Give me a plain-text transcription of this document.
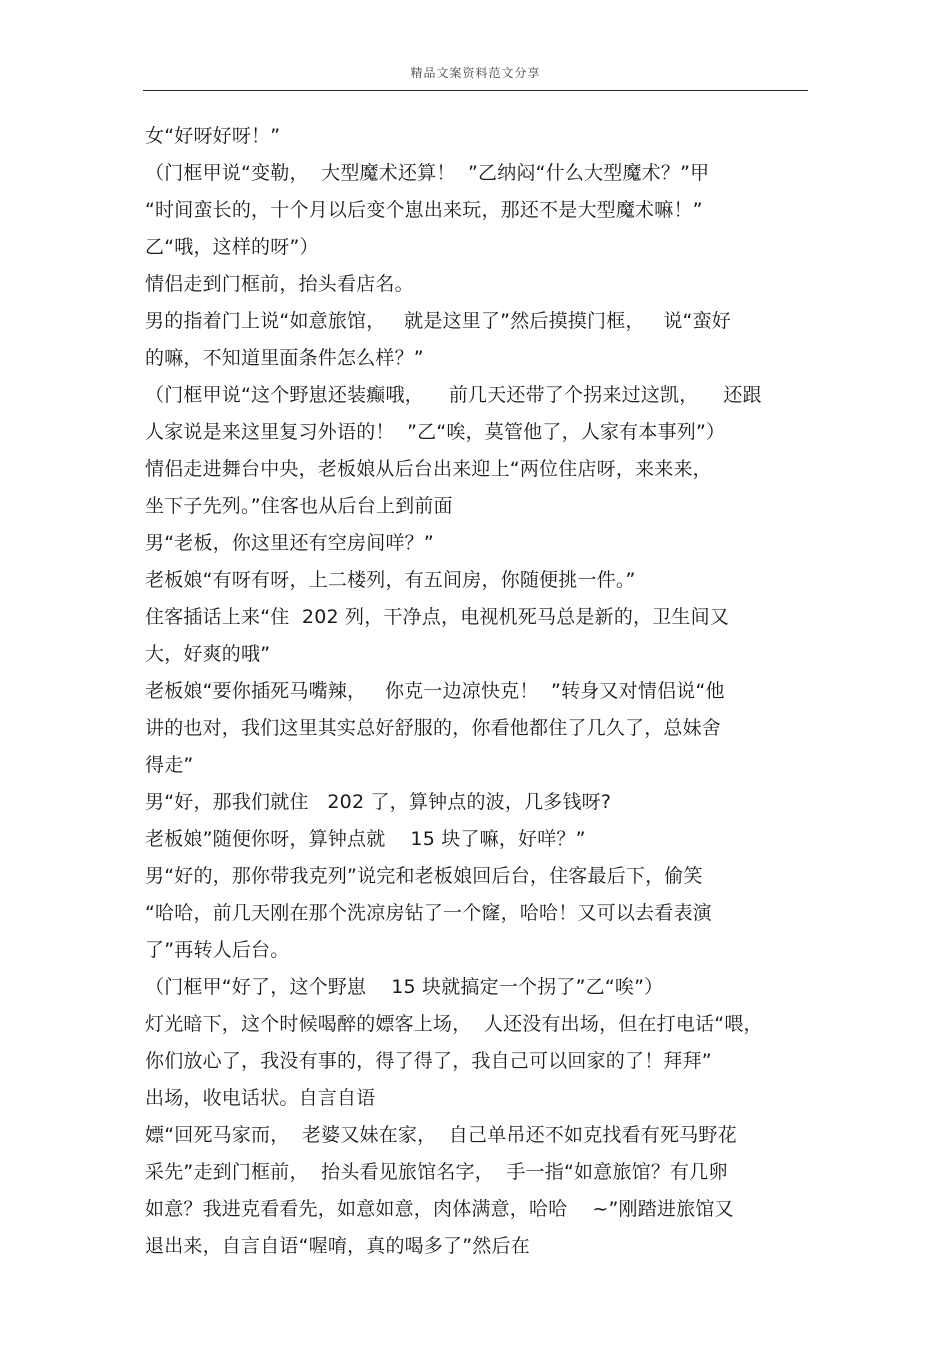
精品文案资料范文分享
女“好呀好呀！”
（门框甲说“变勒，  大型魔术还算！  ”乙纳闷“什么大型魔术？”甲
“时间蛮长的，十个月以后变个崽出来玩，那还不是大型魔术嘛！”
乙“哦，这样的呀”）
情侣走到门框前，抬头看店名。
男的指着门上说“如意旅馆，   就是这里了”然后摸摸门框，   说“蛮好
的嘛，不知道里面条件怎么样？”
（门框甲说“这个野崽还装癫哦，    前几天还带了个拐来过这凯，    还跟
人家说是来这里复习外语的！  ”乙“唉，莫管他了，人家有本事列”）
情侣走进舞台中央，老板娘从后台出来迎上“两位住店呀，来来来，
坐下子先列。”住客也从后台上到前面
男“老板，你这里还有空房间咩？”
老板娘“有呀有呀，上二楼列，有五间房，你随便挑一件。”
住客插话上来“住  202 列，干净点，电视机死马总是新的，卫生间又
大，好爽的哦”
老板娘“要你插死马嘴辣，   你克一边凉快克！  ”转身又对情侣说“他
讲的也对，我们这里其实总好舒服的，你看他都住了几久了，总妹舍
得走”
男“好，那我们就住   202 了，算钟点的波，几多钱呀?
老板娘”随便你呀，算钟点就    15 块了嘛，好咩？”
男“好的，那你带我克列”说完和老板娘回后台，住客最后下，偷笑
“哈哈，前几天刚在那个洗凉房钻了一个窿，哈哈！又可以去看表演
了”再转人后台。
（门框甲“好了，这个野崽    15 块就搞定一个拐了”乙“唉”）
灯光暗下，这个时候喝醉的嫖客上场，  人还没有出场，但在打电话“喂，
你们放心了，我没有事的，得了得了，我自己可以回家的了！拜拜”
出场，收电话状。自言自语
嫖“回死马家而，  老婆又妹在家，  自己单吊还不如克找看有死马野花
采先”走到门框前，  抬头看见旅馆名字，  手一指“如意旅馆？有几卵
如意？我进克看看先，如意如意，肉体满意，哈哈    ~”刚踏进旅馆又
退出来，自言自语“喔唷，真的喝多了”然后在
